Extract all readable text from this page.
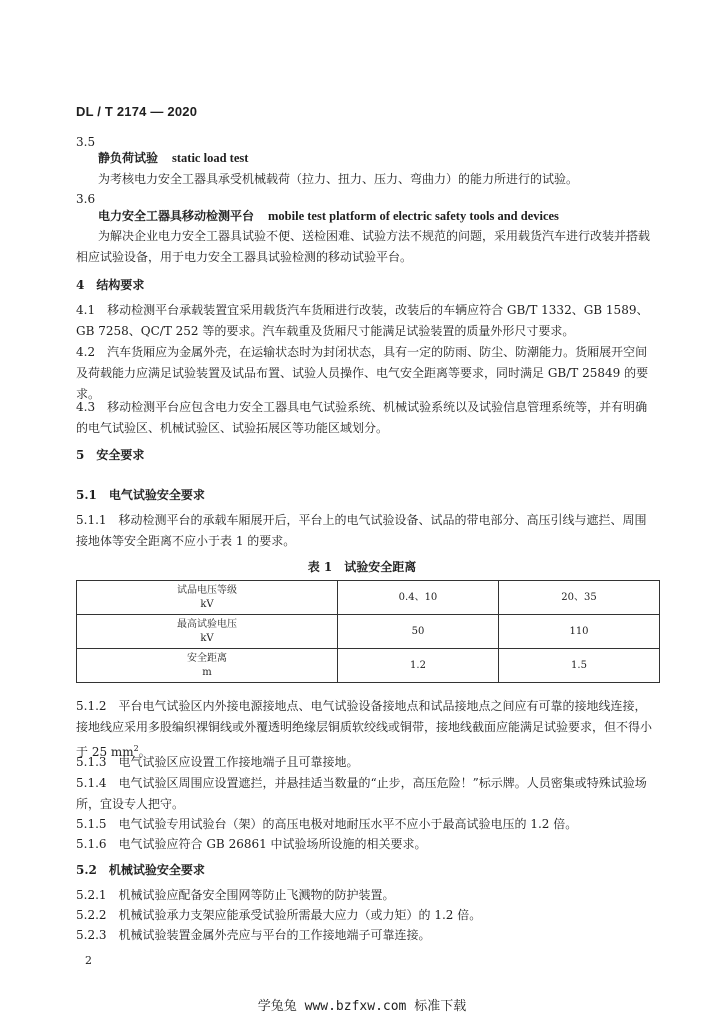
DL / T 2174 — 2020
3.5
静负荷试验 static load test
为考核电力安全工器具承受机械载荷（拉力、扭力、压力、弯曲力）的能力所进行的试验。
3.6
电力安全工器具移动检测平台 mobile test platform of electric safety tools and devices
为解决企业电力安全工器具试验不便、送检困难、试验方法不规范的问题，采用载货汽车进行改装并搭载相应试验设备，用于电力安全工器具试验检测的移动试验平台。
4　结构要求
4.1　移动检测平台承载装置宜采用载货汽车货厢进行改装，改装后的车辆应符合 GB/T 1332、GB 1589、GB 7258、QC/T 252 等的要求。汽车载重及货厢尺寸能满足试验装置的质量外形尺寸要求。
4.2　汽车货厢应为金属外壳，在运输状态时为封闭状态，具有一定的防雨、防尘、防潮能力。货厢展开空间及荷载能力应满足试验装置及试品布置、试验人员操作、电气安全距离等要求，同时满足 GB/T 25849 的要求。
4.3　移动检测平台应包含电力安全工器具电气试验系统、机械试验系统以及试验信息管理系统等，并有明确的电气试验区、机械试验区、试验拓展区等功能区域划分。
5　安全要求
5.1　电气试验安全要求
5.1.1　移动检测平台的承载车厢展开后，平台上的电气试验设备、试品的带电部分、高压引线与遮拦、周围接地体等安全距离不应小于表 1 的要求。
表 1　试验安全距离
试品电压等级
kV	0.4、10	20、35
最高试验电压
kV	50	110
安全距离
m	1.2	1.5
5.1.2　平台电气试验区内外接电源接地点、电气试验设备接地点和试品接地点之间应有可靠的接地线连接，接地线应采用多股编织裸铜线或外覆透明绝缘层铜质软绞线或铜带，接地线截面应能满足试验要求，但不得小于 25 $mm^2$。
5.1.3　电气试验区应设置工作接地端子且可靠接地。
5.1.4　电气试验区周围应设置遮拦，并悬挂适当数量的“止步，高压危险！”标示牌。人员密集或特殊试验场所，宜设专人把守。
5.1.5　电气试验专用试验台（架）的高压电极对地耐压水平不应小于最高试验电压的 1.2 倍。
5.1.6　电气试验应符合 GB 26861 中试验场所设施的相关要求。
5.2　机械试验安全要求
5.2.1　机械试验应配备安全围网等防止飞溅物的防护装置。
5.2.2　机械试验承力支架应能承受试验所需最大应力（或力矩）的 1.2 倍。
5.2.3　机械试验装置金属外壳应与平台的工作接地端子可靠连接。
2
学兔兔 www.bzfxw.com 标准下载
